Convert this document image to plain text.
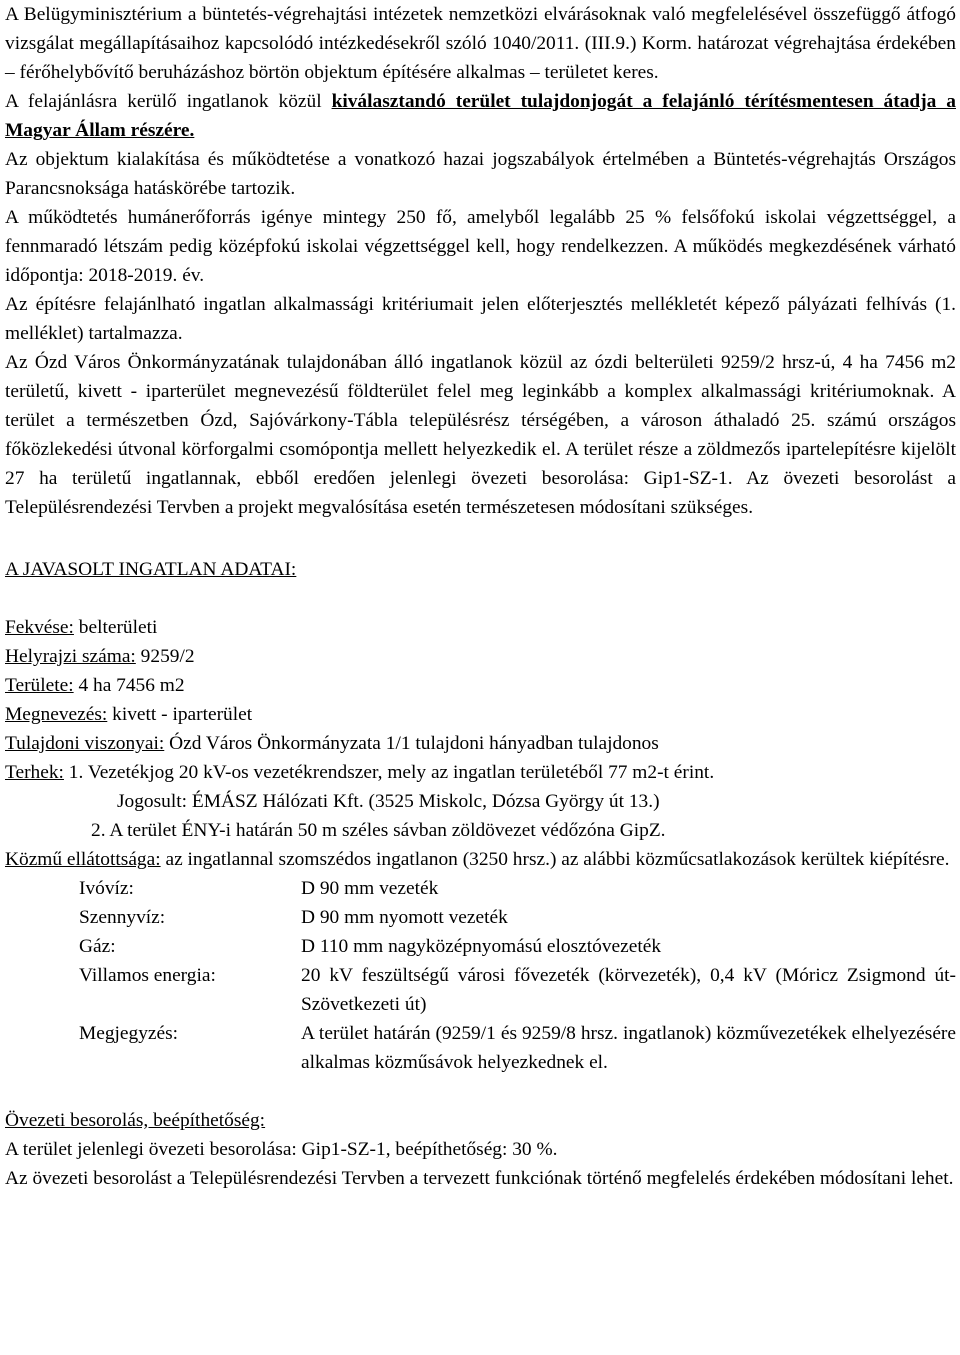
A Belügyminisztérium a büntetés-végrehajtási intézetek nemzetközi elvárásoknak való megfelelésével összefüggő átfogó vizsgálat megállapításaihoz kapcsolódó intézkedésekről szóló 1040/2011. (III.9.) Korm. határozat végrehajtása érdekében – férőhelybővítő beruházáshoz börtön objektum építésére alkalmas – területet keres.

A felajánlásra kerülő ingatlanok közül kiválasztandó terület tulajdonjogát a felajánló térítésmentesen átadja a Magyar Állam részére.

Az objektum kialakítása és működtetése a vonatkozó hazai jogszabályok értelmében a Büntetés-végrehajtás Országos Parancsnoksága hatáskörébe tartozik.

A működtetés humánerőforrás igénye mintegy 250 fő, amelyből legalább 25 % felsőfokú iskolai végzettséggel, a fennmaradó létszám pedig középfokú iskolai végzettséggel kell, hogy rendelkezzen. A működés megkezdésének várható időpontja: 2018-2019. év.

Az építésre felajánlható ingatlan alkalmassági kritériumait jelen előterjesztés mellékletét képező pályázati felhívás (1. melléklet) tartalmazza.

Az Ózd Város Önkormányzatának tulajdonában álló ingatlanok közül az ózdi belterületi 9259/2 hrsz-ú, 4 ha 7456 m2 területű, kivett - iparterület megnevezésű földterület felel meg leginkább a komplex alkalmassági kritériumoknak. A terület a természetben Ózd, Sajóvárkony-Tábla településrész térségében, a városon áthaladó 25. számú országos főközlekedési útvonal körforgalmi csomópontja mellett helyezkedik el. A terület része a zöldmezős ipartelepítésre kijelölt 27 ha területű ingatlannak, ebből eredően jelenlegi övezeti besorolása: Gip1-SZ-1. Az övezeti besorolást a Településrendezési Tervben a projekt megvalósítása esetén természetesen módosítani szükséges.

A JAVASOLT INGATLAN ADATAI:

Fekvése: belterületi

Helyrajzi száma: 9259/2

Területe: 4 ha 7456 m2

Megnevezés: kivett - iparterület

Tulajdoni viszonyai: Ózd Város Önkormányzata 1/1 tulajdoni hányadban tulajdonos

Terhek: 1. Vezetékjog 20 kV-os vezetékrendszer, mely az ingatlan területéből 77 m2-t érint.

Jogosult: ÉMÁSZ Hálózati Kft. (3525 Miskolc, Dózsa György út 13.)

2. A terület ÉNY-i határán 50 m széles sávban zöldövezet védőzóna GipZ.

Közmű ellátottsága: az ingatlannal szomszédos ingatlanon (3250 hrsz.) az alábbi közműcsatlakozások kerültek kiépítésre.

Ivóvíz:	D 90 mm vezeték
Szennyvíz:	D 90 mm nyomott vezeték
Gáz:	D 110 mm nagyközépnyomású elosztóvezeték
Villamos energia:	20 kV feszültségű városi fővezeték (körvezeték), 0,4 kV (Móricz Zsigmond út-Szövetkezeti út)
Megjegyzés:	A terület határán (9259/1 és 9259/8 hrsz. ingatlanok) közművezetékek elhelyezésére alkalmas közműsávok helyezkednek el.

Övezeti besorolás, beépíthetőség:

A terület jelenlegi övezeti besorolása: Gip1-SZ-1, beépíthetőség: 30 %.

Az övezeti besorolást a Településrendezési Tervben a tervezett funkciónak történő megfelelés érdekében módosítani lehet.
